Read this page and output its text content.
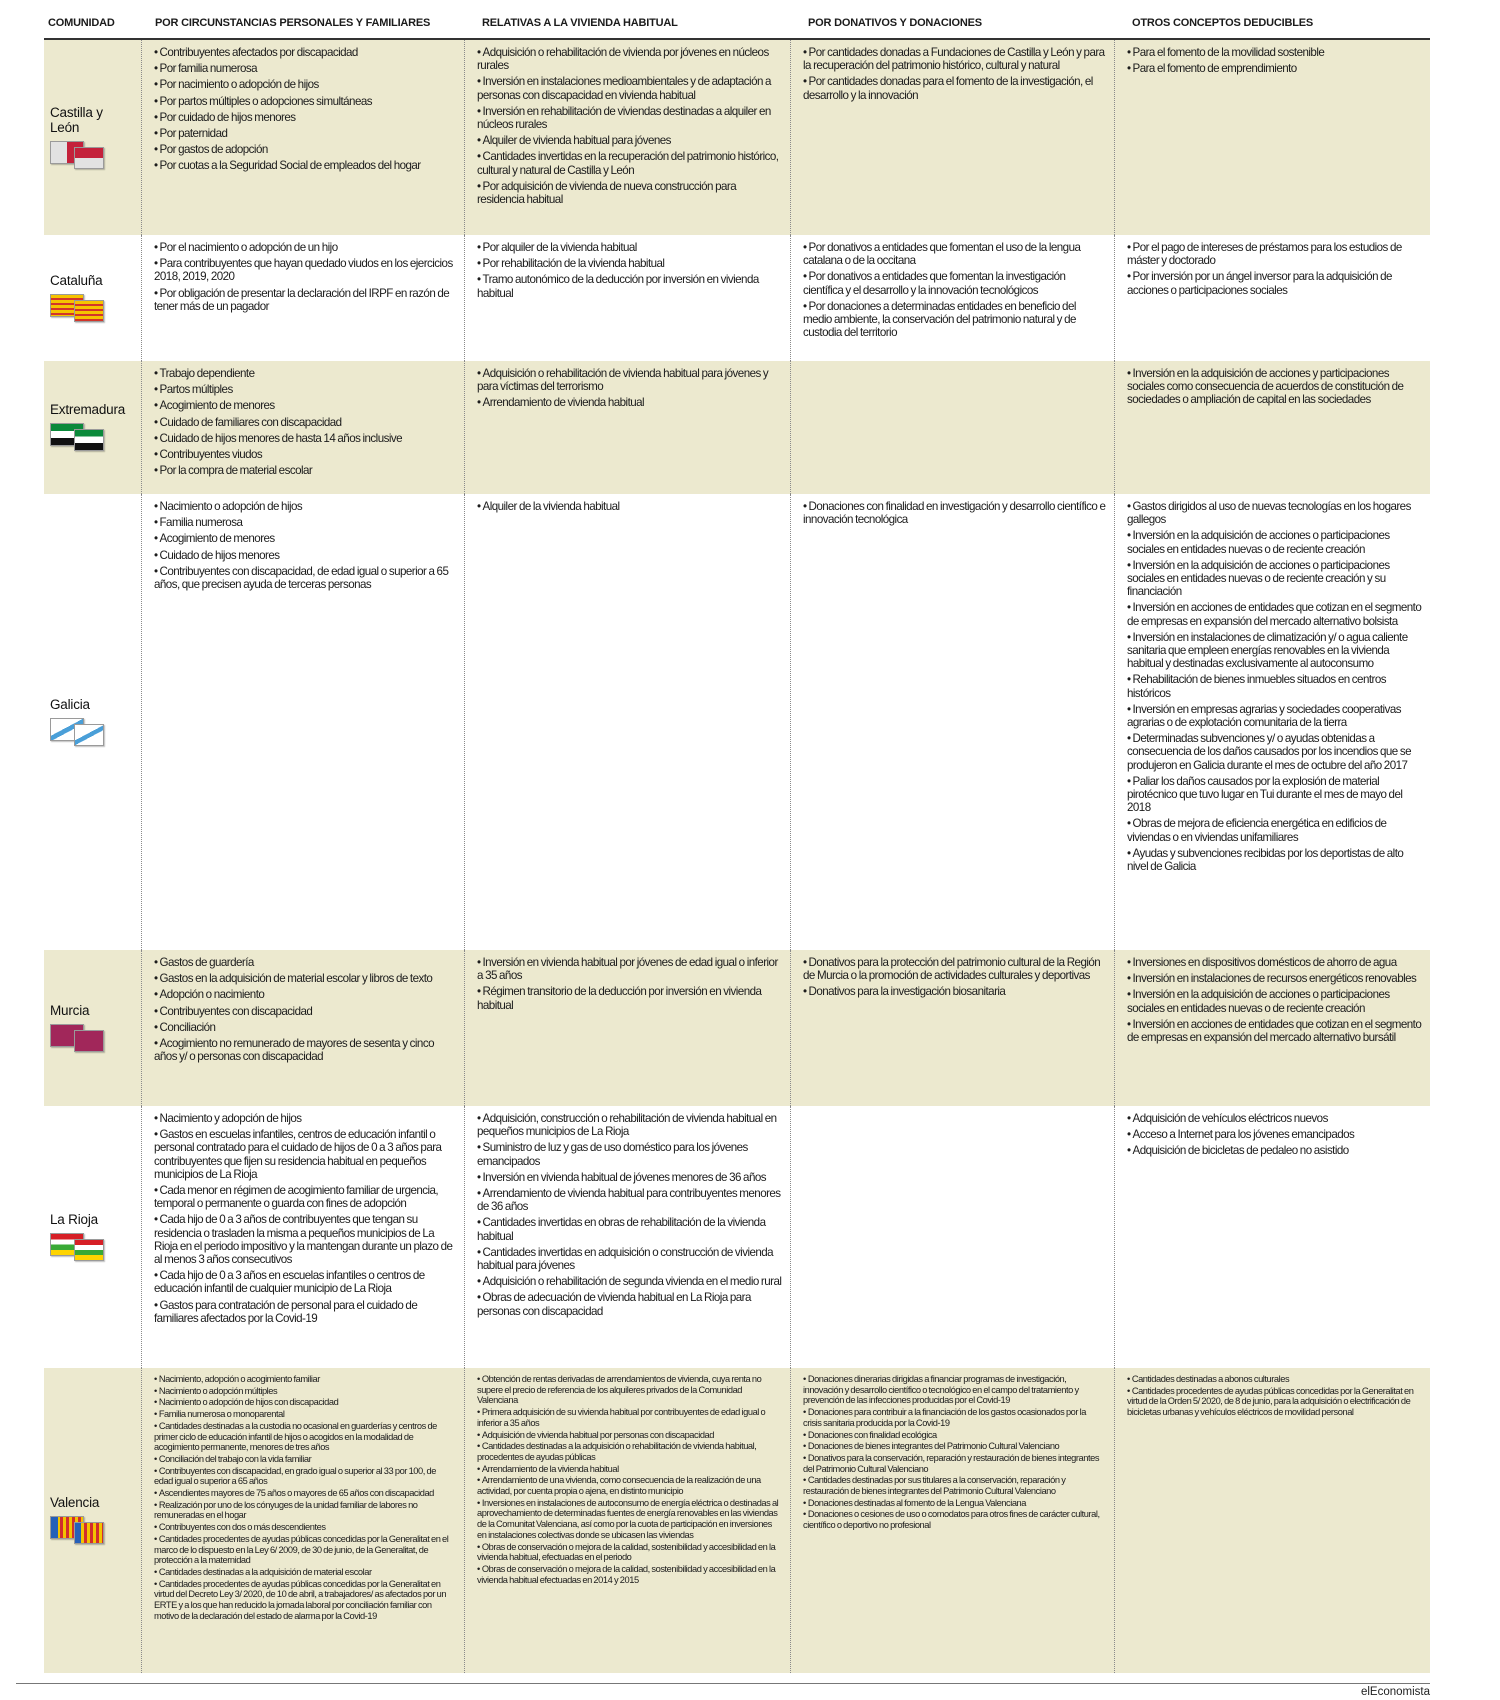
COMUNIDAD	POR CIRCUNSTANCIAS PERSONALES Y FAMILIARES	RELATIVAS A LA VIVIENDA HABITUAL	POR DONATIVOS Y DONACIONES	OTROS CONCEPTOS DEDUCIBLES
Castilla y León
• Contribuyentes afectados por discapacidad
• Por familia numerosa
• Por nacimiento o adopción de hijos
• Por partos múltiples o adopciones simultáneas
• Por cuidado de hijos menores
• Por paternidad
• Por gastos de adopción
• Por cuotas a la Seguridad Social de empleados del hogar
• Adquisición o rehabilitación de vivienda por jóvenes en núcleos rurales
• Inversión en instalaciones medioambientales y de adaptación a personas con discapacidad en vivienda habitual
• Inversión en rehabilitación de viviendas destinadas a alquiler en núcleos rurales
• Alquiler de vivienda habitual para jóvenes
• Cantidades invertidas en la recuperación del patrimonio histórico, cultural y natural de Castilla y León
• Por adquisición de vivienda de nueva construcción para residencia habitual
• Por cantidades donadas a Fundaciones de Castilla y León y para la recuperación del patrimonio histórico, cultural y natural
• Por cantidades donadas para el fomento de la investigación, el desarrollo y la innovación
• Para el fomento de la movilidad sostenible
• Para el fomento de emprendimiento
Cataluña
• Por el nacimiento o adopción de un hijo
• Para contribuyentes que hayan quedado viudos en los ejercicios 2018, 2019, 2020
• Por obligación de presentar la declaración del IRPF en razón de tener más de un pagador
• Por alquiler de la vivienda habitual
• Por rehabilitación de la vivienda habitual
• Tramo autonómico de la deducción por inversión en vivienda habitual
• Por donativos a entidades que fomentan el uso de la lengua catalana o de la occitana
• Por donativos a entidades que fomentan la investigación científica y el desarrollo y la innovación tecnológicos
• Por donaciones a determinadas entidades en beneficio del medio ambiente, la conservación del patrimonio natural y de custodia del territorio
• Por el pago de intereses de préstamos para los estudios de máster y doctorado
• Por inversión por un ángel inversor para la adquisición de acciones o participaciones sociales
Extremadura
• Trabajo dependiente
• Partos múltiples
• Acogimiento de menores
• Cuidado de familiares con discapacidad
• Cuidado de hijos menores de hasta 14 años inclusive
• Contribuyentes viudos
• Por la compra de material escolar
• Adquisición o rehabilitación de vivienda habitual para jóvenes y para víctimas del terrorismo
• Arrendamiento de vivienda habitual
• Inversión en la adquisición de acciones y participaciones sociales como consecuencia de acuerdos de constitución de sociedades o ampliación de capital en las sociedades
Galicia
• Nacimiento o adopción de hijos
• Familia numerosa
• Acogimiento de menores
• Cuidado de hijos menores
• Contribuyentes con discapacidad, de edad igual o superior a 65 años, que precisen ayuda de terceras personas
• Alquiler de la vivienda habitual
•	Donaciones con finalidad en investigación y desarrollo científico e innovación tecnológica
• Gastos dirigidos al uso de nuevas tecnologías en los hogares gallegos
• Inversión en la adquisición de acciones o participaciones sociales en entidades nuevas o de reciente creación
• Inversión en la adquisición de acciones o participaciones sociales en entidades nuevas o de reciente creación y su financiación
• Inversión en acciones de entidades que cotizan en el segmento de empresas en expansión del mercado alternativo bolsista
• Inversión en instalaciones de climatización y/ o agua caliente sanitaria que empleen energías renovables en la vivienda habitual y destinadas exclusivamente al autoconsumo
• Rehabilitación de bienes inmuebles situados en centros históricos
• Inversión en empresas agrarias y sociedades cooperativas agrarias o de explotación comunitaria de la tierra
• Determinadas subvenciones y/ o ayudas obtenidas a consecuencia de los daños causados por los incendios que se produjeron en Galicia durante el mes de octubre del año 2017
• Paliar los daños causados por la explosión de material pirotécnico que tuvo lugar en Tui durante el mes de mayo del 2018
• Obras de mejora de eficiencia energética en edificios de viviendas o en viviendas unifamiliares
• Ayudas y subvenciones recibidas por los deportistas de alto nivel de Galicia
Murcia
• Gastos de guardería
• Gastos en la adquisición de material escolar y libros de texto
• Adopción o nacimiento
• Contribuyentes con discapacidad
• Conciliación
• Acogimiento no remunerado de mayores de sesenta y cinco años y/ o personas con discapacidad
• Inversión en vivienda habitual por jóvenes de edad igual o inferior a 35 años
• Régimen transitorio de la deducción por inversión en vivienda habitual
• Donativos para la protección del patrimonio cultural de la Región de Murcia o la promoción de actividades culturales y deportivas
• Donativos para la investigación biosanitaria
• Inversiones en dispositivos domésticos de ahorro de agua
• Inversión en instalaciones de recursos energéticos renovables
• Inversión en la adquisición de acciones o participaciones sociales en entidades nuevas o de reciente creación
• Inversión en acciones de entidades que cotizan en el segmento de empresas en expansión del mercado alternativo bursátil
La Rioja
• Nacimiento y adopción de hijos
• Gastos en escuelas infantiles, centros de educación infantil o personal contratado para el cuidado de hijos de 0 a 3 años para contribuyentes que fijen su residencia habitual en pequeños municipios de La Rioja
• Cada menor en régimen de acogimiento familiar de urgencia, temporal o permanente o guarda con fines de adopción
• Cada hijo de 0 a 3 años de contribuyentes que tengan su residencia o trasladen la misma a pequeños municipios de La Rioja en el periodo impositivo y la mantengan durante un plazo de al menos 3 años consecutivos
• Cada hijo de 0 a 3 años en escuelas infantiles o centros de educación infantil de cualquier municipio de La Rioja
• Gastos para contratación de personal para el cuidado de familiares afectados por la Covid-19
• Adquisición, construcción o rehabilitación de vivienda habitual en pequeños municipios de La Rioja
• Suministro de luz y gas de uso doméstico para los jóvenes emancipados
• Inversión en vivienda habitual de jóvenes menores de 36 años
• Arrendamiento de vivienda habitual para contribuyentes menores de 36 años
• Cantidades invertidas en obras de rehabilitación de la vivienda habitual
• Cantidades invertidas en adquisición o construcción de vivienda habitual para jóvenes
• Adquisición o rehabilitación de segunda vivienda en el medio rural
• Obras de adecuación de vivienda habitual en La Rioja para personas con discapacidad
• Adquisición de vehículos eléctricos nuevos
• Acceso a Internet para los jóvenes emancipados
• Adquisición de bicicletas de pedaleo no asistido
Valencia
• Nacimiento, adopción o acogimiento familiar
• Nacimiento o adopción múltiples
• Nacimiento o adopción de hijos con discapacidad
• Familia numerosa o monoparental
• Cantidades destinadas a la custodia no ocasional en guarderías y centros de primer ciclo de educación infantil de hijos o acogidos en la modalidad de acogimiento permanente, menores de tres años
• Conciliación del trabajo con la vida familiar
• Contribuyentes con discapacidad, en grado igual o superior al 33 por 100, de edad igual o superior a 65 años
• Ascendientes mayores de 75 años o mayores de 65 años con discapacidad
• Realización por uno de los cónyuges de la unidad familiar de labores no remuneradas en el hogar
• Contribuyentes con dos o más descendientes
• Cantidades procedentes de ayudas públicas concedidas por la Generalitat en el marco de lo dispuesto en la Ley 6/ 2009, de 30 de junio, de la Generalitat, de protección a la maternidad
• Cantidades destinadas a la adquisición de material escolar
• Cantidades procedentes de ayudas públicas concedidas por la Generalitat en virtud del Decreto Ley 3/ 2020, de 10 de abril, a trabajadores/ as afectados por un ERTE y a los que han reducido la jornada laboral por conciliación familiar con motivo de la declaración del estado de alarma por la Covid-19
• Obtención de rentas derivadas de arrendamientos de vivienda, cuya renta no supere el precio de referencia de los alquileres privados de la Comunidad Valenciana
• Primera adquisición de su vivienda habitual por contribuyentes de edad igual o inferior a 35 años
• Adquisición de vivienda habitual por personas con discapacidad
• Cantidades destinadas a la adquisición o rehabilitación de vivienda habitual, procedentes de ayudas públicas
• Arrendamiento de la vivienda habitual
• Arrendamiento de una vivienda, como consecuencia de la realización de una actividad, por cuenta propia o ajena, en distinto municipio
• Inversiones en instalaciones de autoconsumo de energía eléctrica o destinadas al aprovechamiento de determinadas fuentes de energía renovables en las viviendas de la Comunitat Valenciana, así como por la cuota de participación en inversiones en instalaciones colectivas donde se ubicasen las viviendas
• Obras de conservación o mejora de la calidad, sostenibilidad y accesibilidad en la vivienda habitual, efectuadas en el periodo
• Obras de conservación o mejora de la calidad, sostenibilidad y accesibilidad en la vivienda habitual efectuadas en 2014 y 2015
• Donaciones dinerarias dirigidas a financiar programas de investigación, innovación y desarrollo científico o tecnológico en el campo del tratamiento y prevención de las infecciones producidas por el Covid-19
• Donaciones para contribuir a la financiación de los gastos ocasionados por la crisis sanitaria producida por la Covid-19
• Donaciones con finalidad ecológica
• Donaciones de bienes integrantes del Patrimonio Cultural Valenciano
• Donativos para la conservación, reparación y restauración de bienes integrantes del Patrimonio Cultural Valenciano
• Cantidades destinadas por sus titulares a la conservación, reparación y restauración de bienes integrantes del Patrimonio Cultural Valenciano
• Donaciones destinadas al fomento de la Lengua Valenciana
• Donaciones o cesiones de uso o comodatos para otros fines de carácter cultural, científico o deportivo no profesional
• Cantidades destinadas a abonos culturales
• Cantidades procedentes de ayudas públicas concedidas por la Generalitat en virtud de la Orden 5/ 2020, de 8 de junio, para la adquisición o electrificación de bicicletas urbanas y vehículos eléctricos de movilidad personal
elEconomista
